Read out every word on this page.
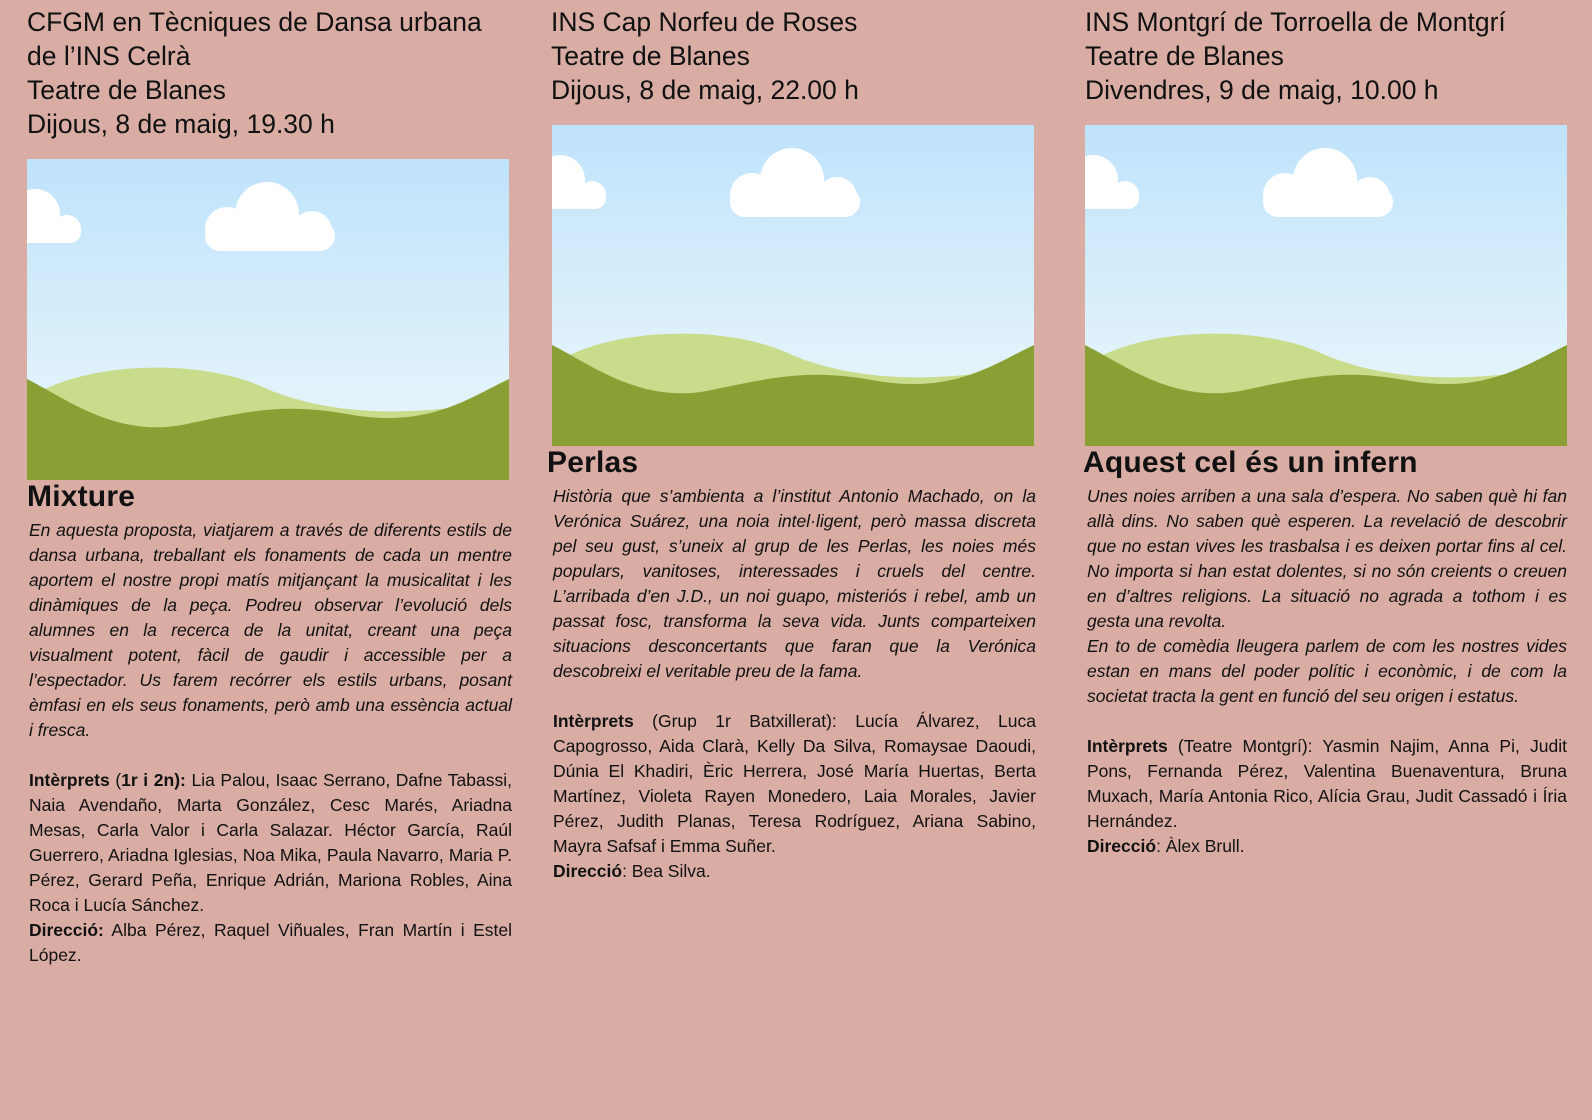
CFGM en Tècniques de Dansa urbana
de l’INS Celrà
Teatre de Blanes
Dijous, 8 de maig, 19.30 h
Mixture

En aquesta proposta, viatjarem a través de diferents estils de dansa urbana, treballant els fonaments de cada un mentre aportem el nostre propi matís mitjançant la musicalitat i les dinàmiques de la peça. Podreu observar l’evolució dels alumnes en la recerca de la unitat, creant una peça visualment potent, fàcil de gaudir i accessible per a l’espectador. Us farem recórrer els estils urbans, posant èmfasi en els seus fonaments, però amb una essència actual i fresca.

Intèrprets (1r i 2n): Lia Palou, Isaac Serrano, Dafne Tabassi, Naia Avendaño, Marta González, Cesc Marés, Ariadna Mesas, Carla Valor i Carla Salazar. Héctor García, Raúl Guerrero, Ariadna Iglesias, Noa Mika, Paula Navarro, Maria P. Pérez, Gerard Peña, Enrique Adrián, Mariona Robles, Aina Roca i Lucía Sánchez.
Direcció: Alba Pérez, Raquel Viñuales, Fran Martín i Estel López.
INS Cap Norfeu de Roses
Teatre de Blanes
Dijous, 8 de maig, 22.00 h
Perlas

Història que s’ambienta a l’institut Antonio Machado, on la Verónica Suárez, una noia intel·ligent, però massa discreta pel seu gust, s’uneix al grup de les Perlas, les noies més populars, vanitoses, interessades i cruels del centre. L’arribada d’en J.D., un noi guapo, misteriós i rebel, amb un passat fosc, transforma la seva vida. Junts comparteixen situacions desconcertants que faran que la Verónica descobreixi el veritable preu de la fama.

Intèrprets (Grup 1r Batxillerat): Lucía Álvarez, Luca Capogrosso, Aida Clarà, Kelly Da Silva, Romaysae Daoudi, Dúnia El Khadiri, Èric Herrera, José María Huertas, Berta Martínez, Violeta Rayen Monedero, Laia Morales, Javier Pérez, Judith Planas, Teresa Rodríguez, Ariana Sabino, Mayra Safsaf i Emma Suñer.
Direcció: Bea Silva.
INS Montgrí de Torroella de Montgrí
Teatre de Blanes
Divendres, 9 de maig, 10.00 h
Aquest cel és un infern

Unes noies arriben a una sala d’espera. No saben què hi fan allà dins. No saben què esperen. La revelació de descobrir que no estan vives les trasbalsa i es deixen portar fins al cel. No importa si han estat dolentes, si no són creients o creuen en d’altres religions. La situació no agrada a tothom i es gesta una revolta.

En to de comèdia lleugera parlem de com les nostres vides estan en mans del poder polític i econòmic, i de com la societat tracta la gent en funció del seu origen i estatus.

Intèrprets (Teatre Montgrí): Yasmin Najim, Anna Pi, Judit Pons, Fernanda Pérez, Valentina Buenaventura, Bruna Muxach, María Antonia Rico, Alícia Grau, Judit Cassadó i Íria Hernández.
Direcció: Àlex Brull.
